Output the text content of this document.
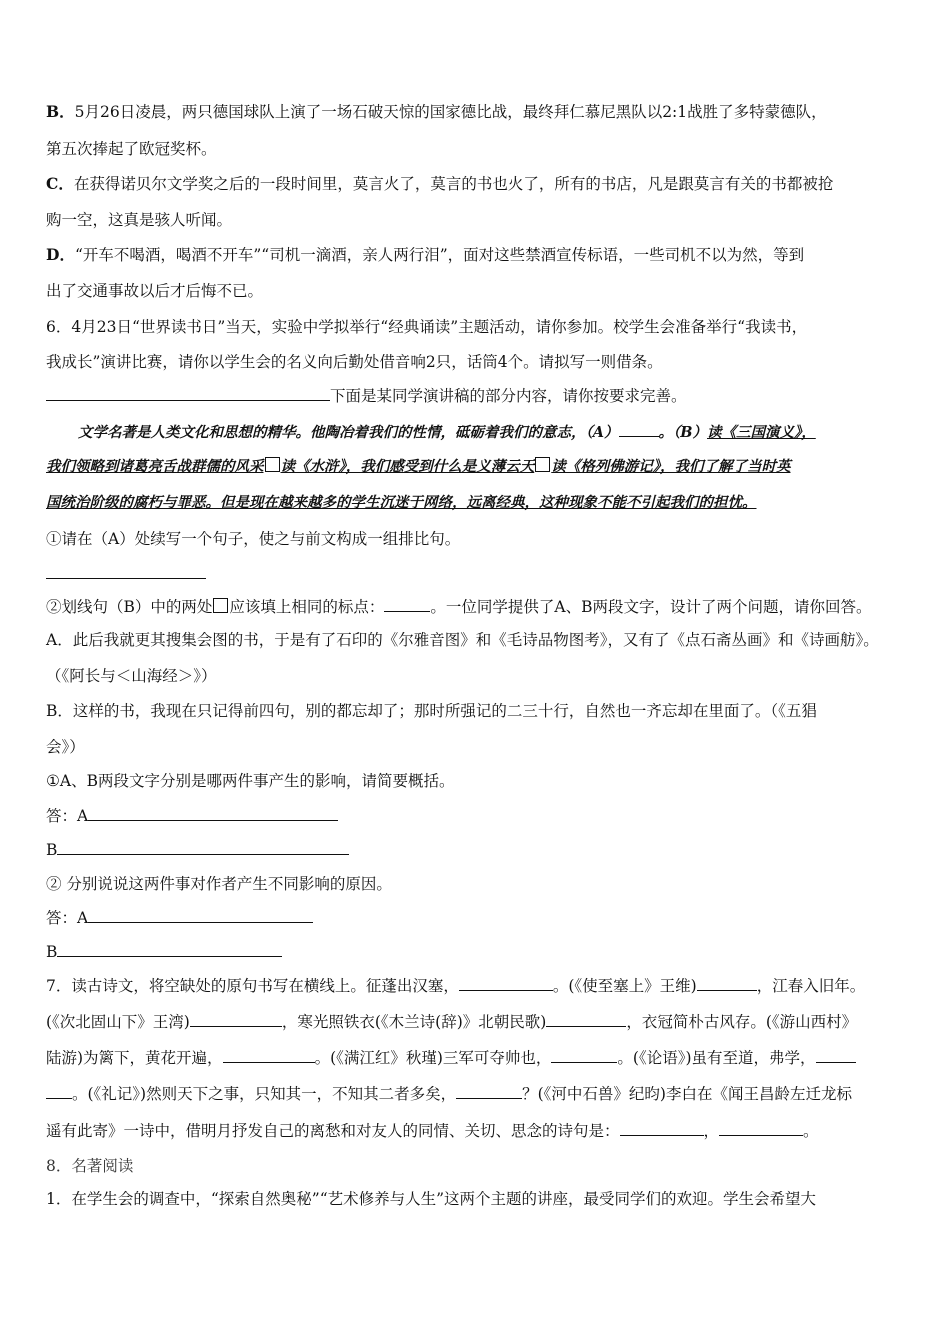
B．5月26日凌晨，两只德国球队上演了一场石破天惊的国家德比战，最终拜仁慕尼黑队以2:1战胜了多特蒙德队，
第五次捧起了欧冠奖杯。
C．在获得诺贝尔文学奖之后的一段时间里，莫言火了，莫言的书也火了，所有的书店，凡是跟莫言有关的书都被抢
购一空，这真是骇人听闻。
D．“开车不喝酒，喝酒不开车”“司机一滴酒，亲人两行泪”，面对这些禁酒宣传标语，一些司机不以为然，等到
出了交通事故以后才后悔不已。
6．4月23日“世界读书日”当天，实验中学拟举行“经典诵读”主题活动，请你参加。校学生会准备举行“我读书，
我成长”演讲比赛，请你以学生会的名义向后勤处借音响2只，话筒4个。请拟写一则借条。
下面是某同学演讲稿的部分内容，请你按要求完善。
文学名著是人类文化和思想的精华。他陶冶着我们的性情，砥砺着我们的意志，（A）	。（B）读《三国演义》，
我们领略到诸葛亮舌战群儒的风采 读《水浒》，我们感受到什么是义薄云天 读《格列佛游记》，我们了解了当时英
国统治阶级的腐朽与罪恶。但是现在越来越多的学生沉迷于网络，远离经典，这种现象不能不引起我们的担忧。
①请在（A）处续写一个句子，使之与前文构成一组排比句。
②划线句（B）中的两处 应该填上相同的标点：	。一位同学提供了A、B两段文字，设计了两个问题，请你回答。
A．此后我就更其搜集会图的书，于是有了石印的《尔雅音图》和《毛诗品物图考》，又有了《点石斋丛画》和《诗画舫》。
（《阿长与＜山海经＞》）
B．这样的书，我现在只记得前四句，别的都忘却了；那时所强记的二三十行，自然也一齐忘却在里面了。（《五猖
会》）
①A、B两段文字分别是哪两件事产生的影响，请简要概括。
答：A
B
② 分别说说这两件事对作者产生不同影响的原因。
答：A
B
7．读古诗文，将空缺处的原句书写在横线上。征蓬出汉塞，	。(《使至塞上》王维)	，江春入旧年。
(《次北固山下》王湾)	，寒光照铁衣(《木兰诗(辞)》北朝民歌)	，衣冠简朴古风存。(《游山西村》
陆游)为篱下，黄花开遍，	。(《满江红》秋瑾)三军可夺帅也，	。(《论语》)虽有至道，弗学，
。(《礼记》)然则天下之事，只知其一，不知其二者多矣，	？(《河中石兽》纪昀)李白在《闻王昌龄左迁龙标
遥有此寄》一诗中，借明月抒发自己的离愁和对友人的同情、关切、思念的诗句是：	，	。
8．名著阅读
1．在学生会的调查中，“探索自然奥秘”“艺术修养与人生”这两个主题的讲座，最受同学们的欢迎。学生会希望大
